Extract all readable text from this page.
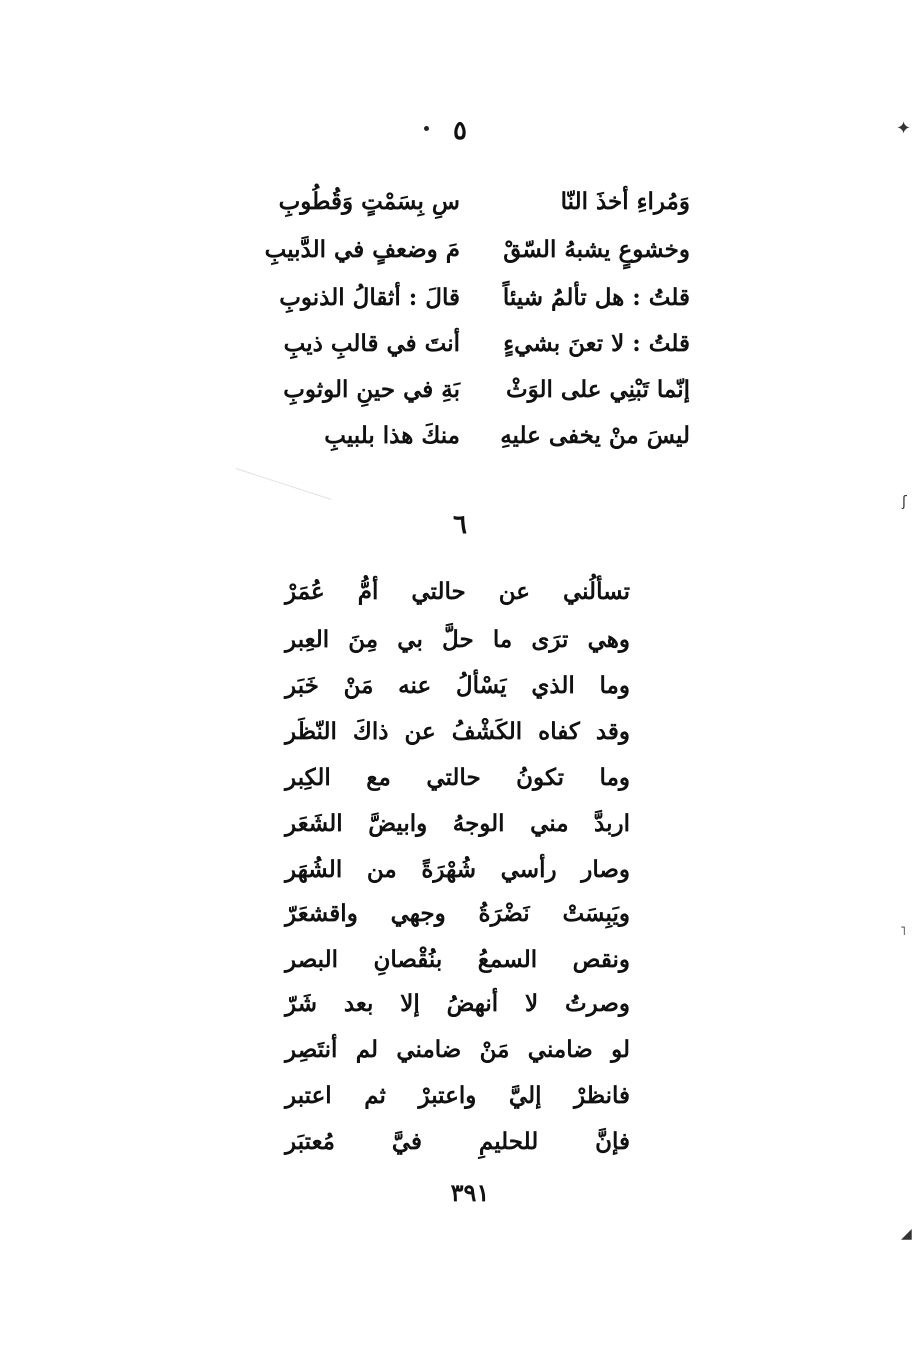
٥
وَمُراءِ أخذَ النّا
سِ بِسَمْتٍ وَقُطُوبِ
وخشوعٍ يشبهُ السّقْ
مَ وضعفٍ في الدَّبيبِ
قلتُ : هل تألمُ شيئاً
قالَ : أثقالُ الذنوبِ
قلتُ : لا تعنَ بشيءٍ
أنتَ في قالبِ ذيبِ
إنّما تَبْنِي على الوَثْ
بَةِ في حينِ الوثوبِ
ليسَ منْ يخفى عليهِ
منكَ هذا بلبيبِ
٦
تسألُني عن حالتي أمُّ عُمَرْ
وهي ترَى ما حلَّ بي مِنَ العِبر
وما الذي يَسْألُ عنه مَنْ خَبَر
وقد كفاه الكَشْفُ عن ذاكَ النّظَر
وما تكونُ حالتي مع الكِبر
اربدَّ مني الوجهُ وابيضَّ الشَعَر
وصار رأسي شُهْرَةً من الشُهَر
ويَبِسَتْ نَضْرَةُ وجهي واقشعَرّ
ونقص السمعُ بنُقْصانِ البصر
وصرتُ لا أنهضُ إلا بعد شَرّ
لو ضامني مَنْ ضامني لم أنتَصِر
فانظرْ إليَّ واعتبرْ ثم اعتبر
فإنَّ للحليمِ فيَّ مُعتبَر
٣٩١
✦
ʃ
˥
◢
